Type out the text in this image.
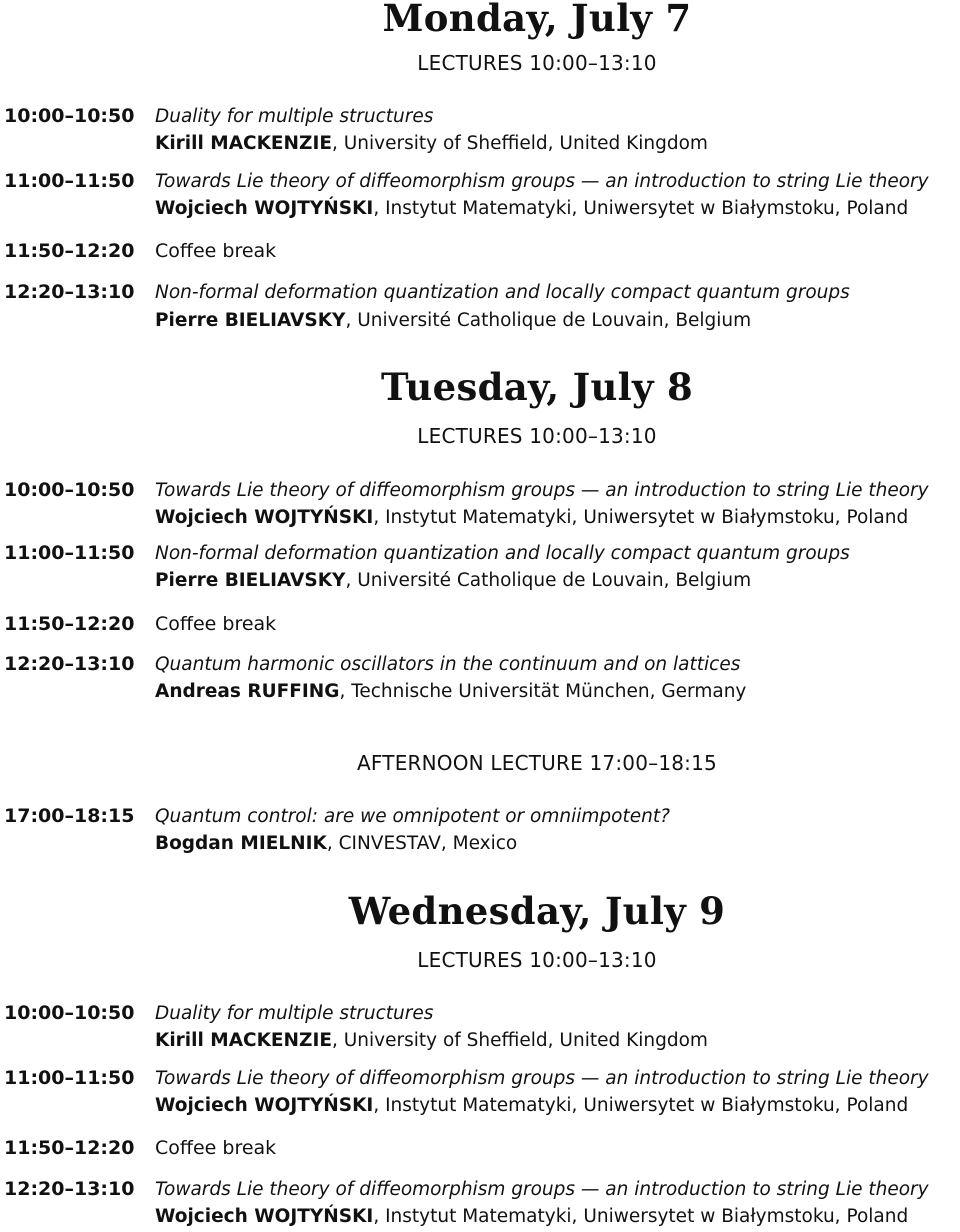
Monday, July 7
LECTURES 10:00–13:10
10:00–10:50 Duality for multiple structures
Kirill MACKENZIE, University of Sheffield, United Kingdom
11:00–11:50 Towards Lie theory of diffeomorphism groups — an introduction to string Lie theory
Wojciech WOJTYŃSKI, Instytut Matematyki, Uniwersytet w Białymstoku, Poland
11:50–12:20 Coffee break
12:20–13:10 Non-formal deformation quantization and locally compact quantum groups
Pierre BIELIAVSKY, Université Catholique de Louvain, Belgium
Tuesday, July 8
LECTURES 10:00–13:10
10:00–10:50 Towards Lie theory of diffeomorphism groups — an introduction to string Lie theory
Wojciech WOJTYŃSKI, Instytut Matematyki, Uniwersytet w Białymstoku, Poland
11:00–11:50 Non-formal deformation quantization and locally compact quantum groups
Pierre BIELIAVSKY, Université Catholique de Louvain, Belgium
11:50–12:20 Coffee break
12:20–13:10 Quantum harmonic oscillators in the continuum and on lattices
Andreas RUFFING, Technische Universität München, Germany
AFTERNOON LECTURE 17:00–18:15
17:00–18:15 Quantum control: are we omnipotent or omniimpotent?
Bogdan MIELNIK, CINVESTAV, Mexico
Wednesday, July 9
LECTURES 10:00–13:10
10:00–10:50 Duality for multiple structures
Kirill MACKENZIE, University of Sheffield, United Kingdom
11:00–11:50 Towards Lie theory of diffeomorphism groups — an introduction to string Lie theory
Wojciech WOJTYŃSKI, Instytut Matematyki, Uniwersytet w Białymstoku, Poland
11:50–12:20 Coffee break
12:20–13:10 Towards Lie theory of diffeomorphism groups — an introduction to string Lie theory
Wojciech WOJTYŃSKI, Instytut Matematyki, Uniwersytet w Białymstoku, Poland
